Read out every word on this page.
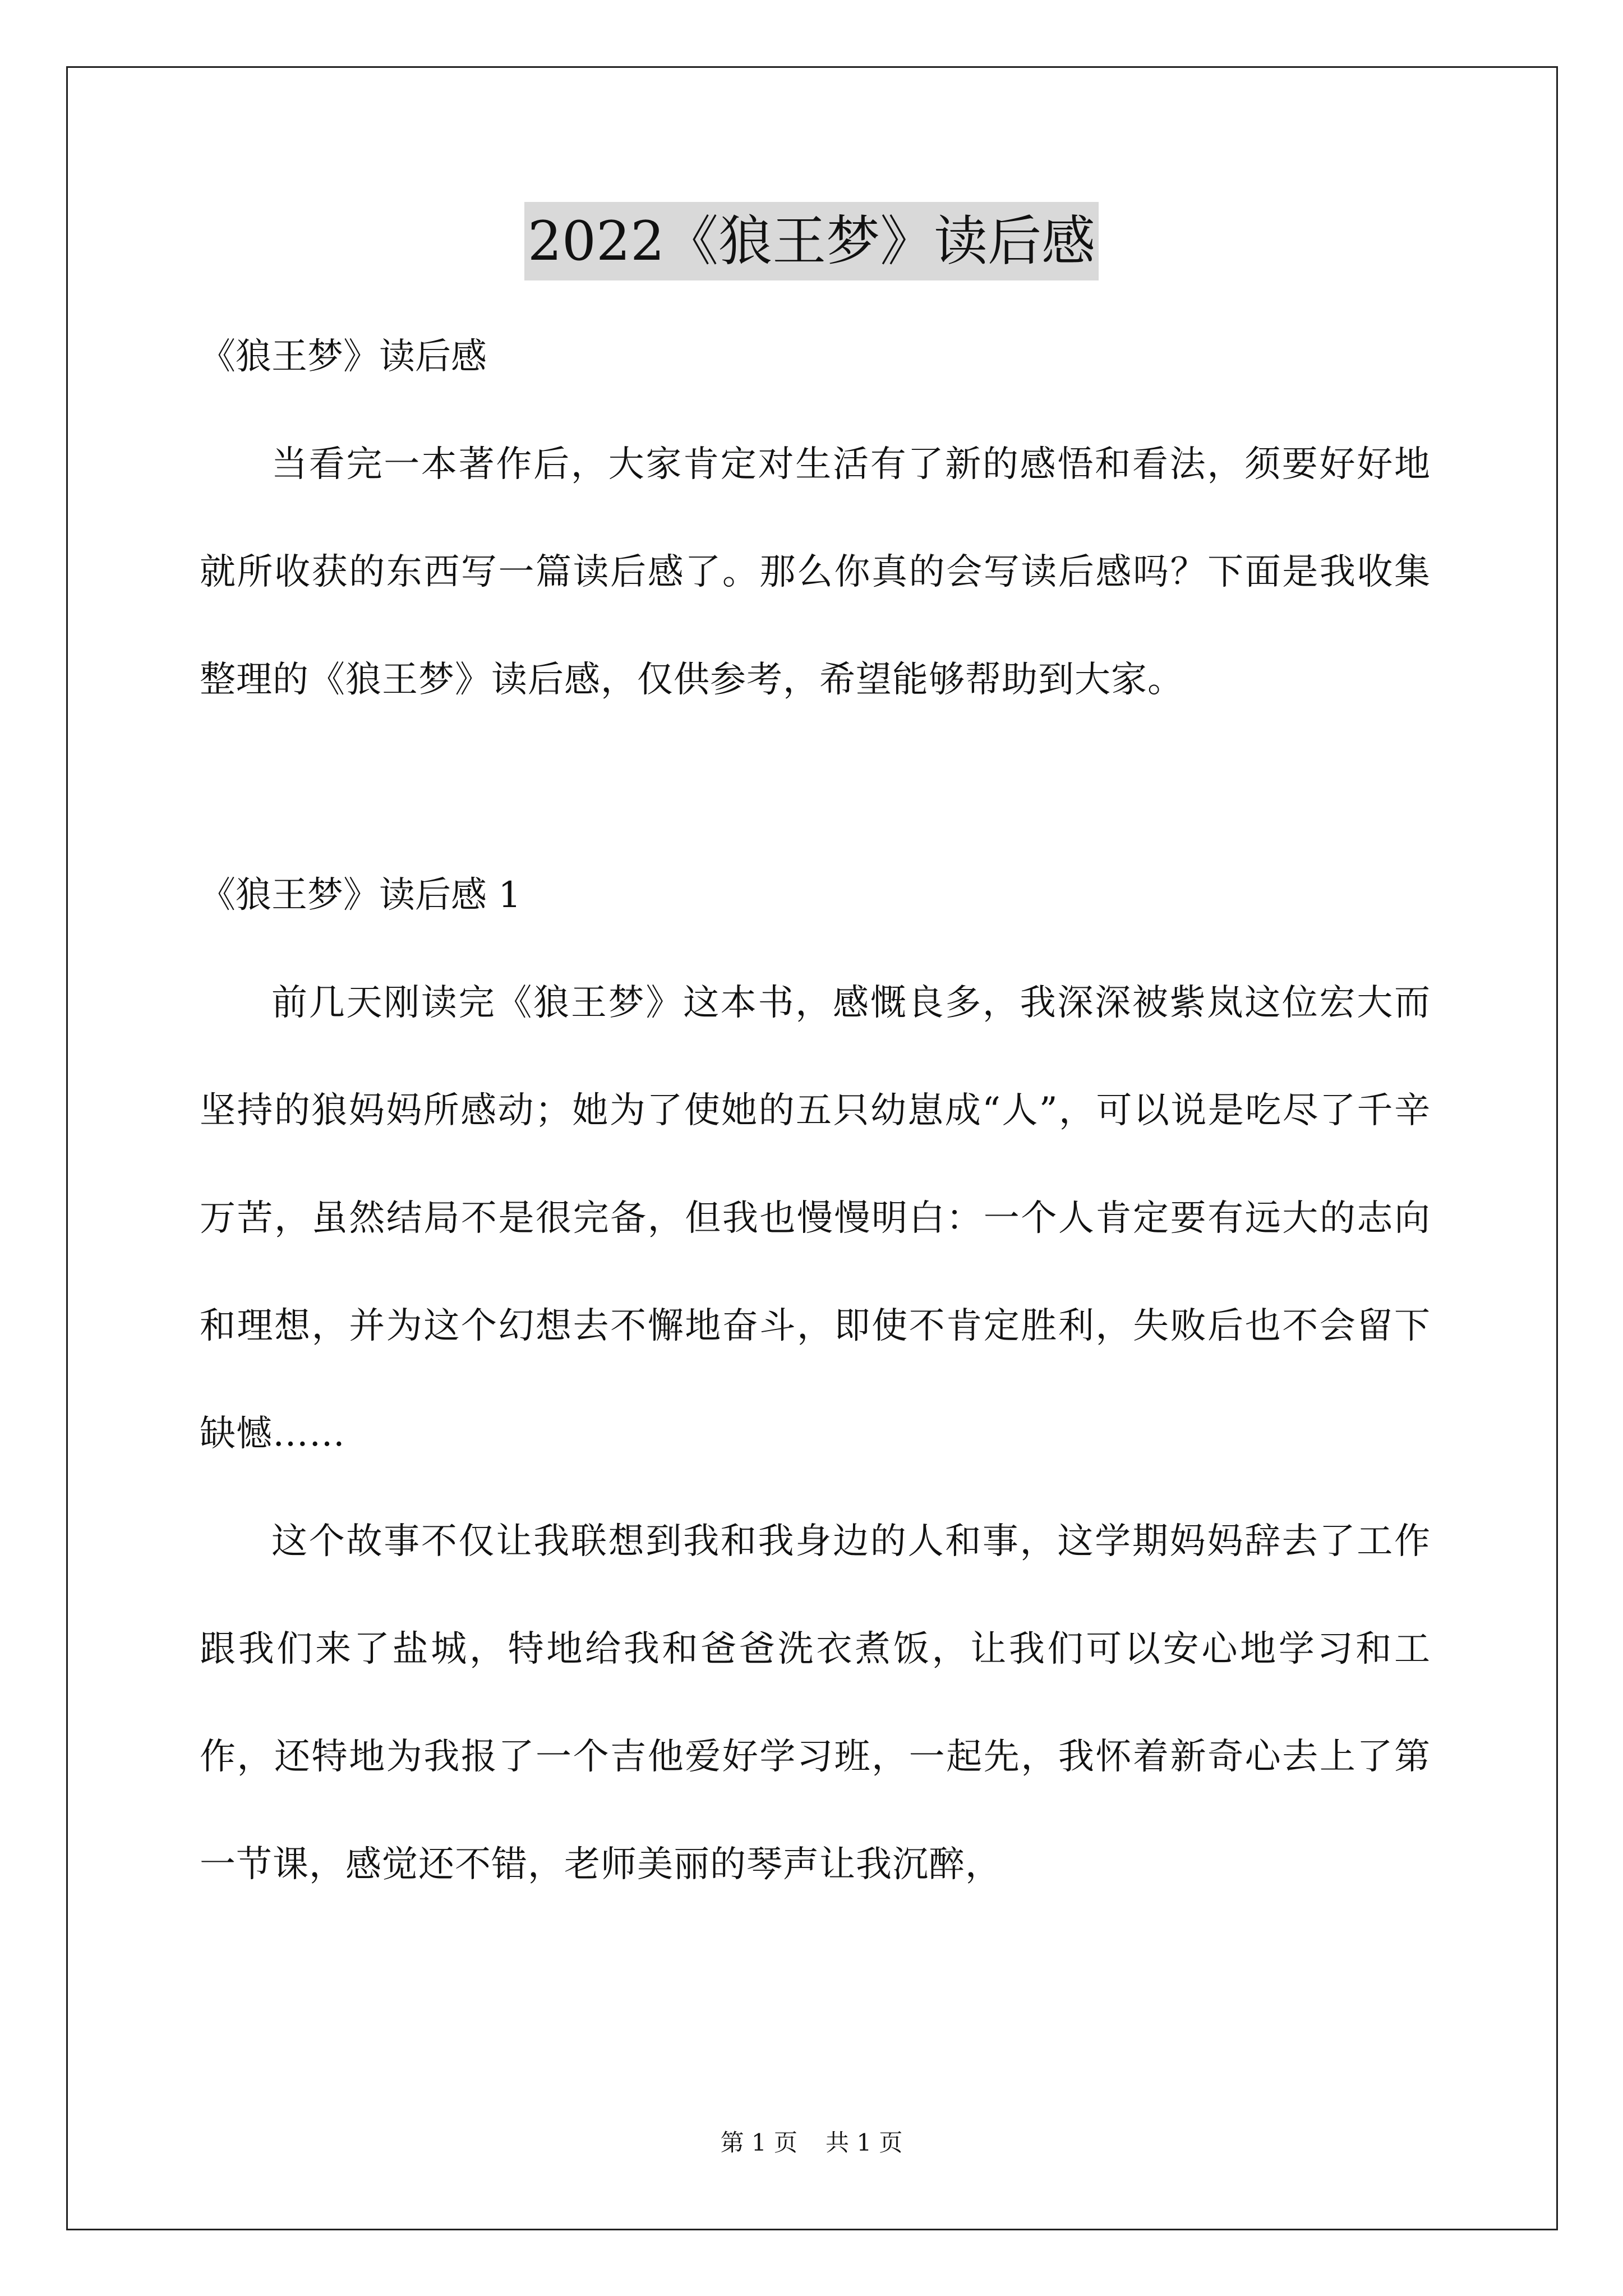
2022《狼王梦》读后感

《狼王梦》读后感

当看完一本著作后，大家肯定对生活有了新的感悟和看法，须要好好地就所收获的东西写一篇读后感了。那么你真的会写读后感吗？下面是我收集整理的《狼王梦》读后感，仅供参考，希望能够帮助到大家。

《狼王梦》读后感 1

前几天刚读完《狼王梦》这本书，感慨良多，我深深被紫岚这位宏大而坚持的狼妈妈所感动；她为了使她的五只幼崽成“人”，可以说是吃尽了千辛万苦，虽然结局不是很完备，但我也慢慢明白：一个人肯定要有远大的志向和理想，并为这个幻想去不懈地奋斗，即使不肯定胜利，失败后也不会留下缺憾……

这个故事不仅让我联想到我和我身边的人和事，这学期妈妈辞去了工作跟我们来了盐城，特地给我和爸爸洗衣煮饭，让我们可以安心地学习和工作，还特地为我报了一个吉他爱好学习班，一起先，我怀着新奇心去上了第一节课，感觉还不错，老师美丽的琴声让我沉醉，

第 1 页 共 1 页
